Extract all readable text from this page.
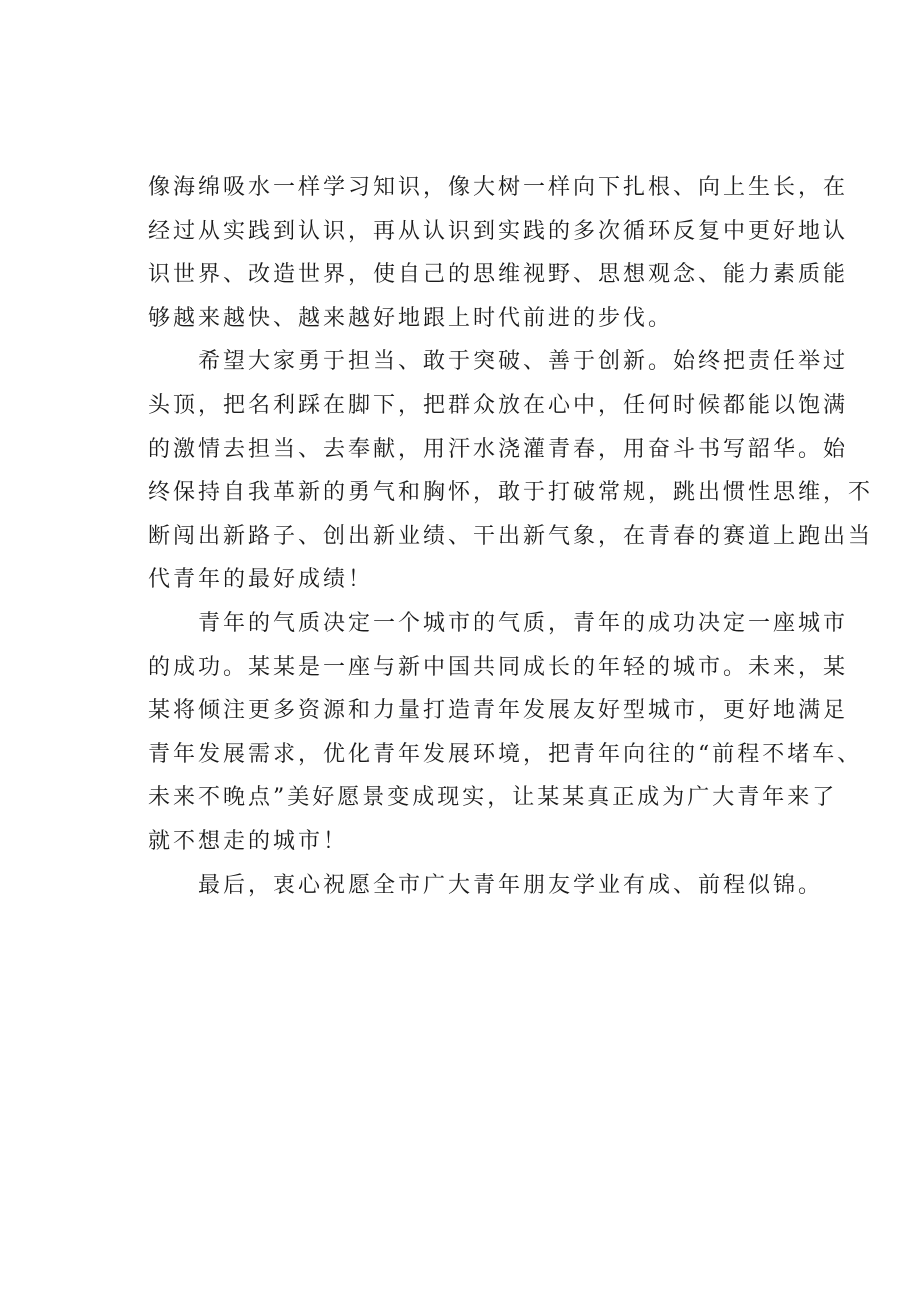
像海绵吸水一样学习知识，像大树一样向下扎根、向上生长，在
经过从实践到认识，再从认识到实践的多次循环反复中更好地认
识世界、改造世界，使自己的思维视野、思想观念、能力素质能
够越来越快、越来越好地跟上时代前进的步伐。
希望大家勇于担当、敢于突破、善于创新。始终把责任举过
头顶，把名利踩在脚下，把群众放在心中，任何时候都能以饱满
的激情去担当、去奉献，用汗水浇灌青春，用奋斗书写韶华。始
终保持自我革新的勇气和胸怀，敢于打破常规，跳出惯性思维，不
断闯出新路子、创出新业绩、干出新气象，在青春的赛道上跑出当
代青年的最好成绩！
青年的气质决定一个城市的气质，青年的成功决定一座城市
的成功。某某是一座与新中国共同成长的年轻的城市。未来，某
某将倾注更多资源和力量打造青年发展友好型城市，更好地满足
青年发展需求，优化青年发展环境，把青年向往的“前程不堵车、
未来不晚点”美好愿景变成现实，让某某真正成为广大青年来了
就不想走的城市！
最后，衷心祝愿全市广大青年朋友学业有成、前程似锦。
